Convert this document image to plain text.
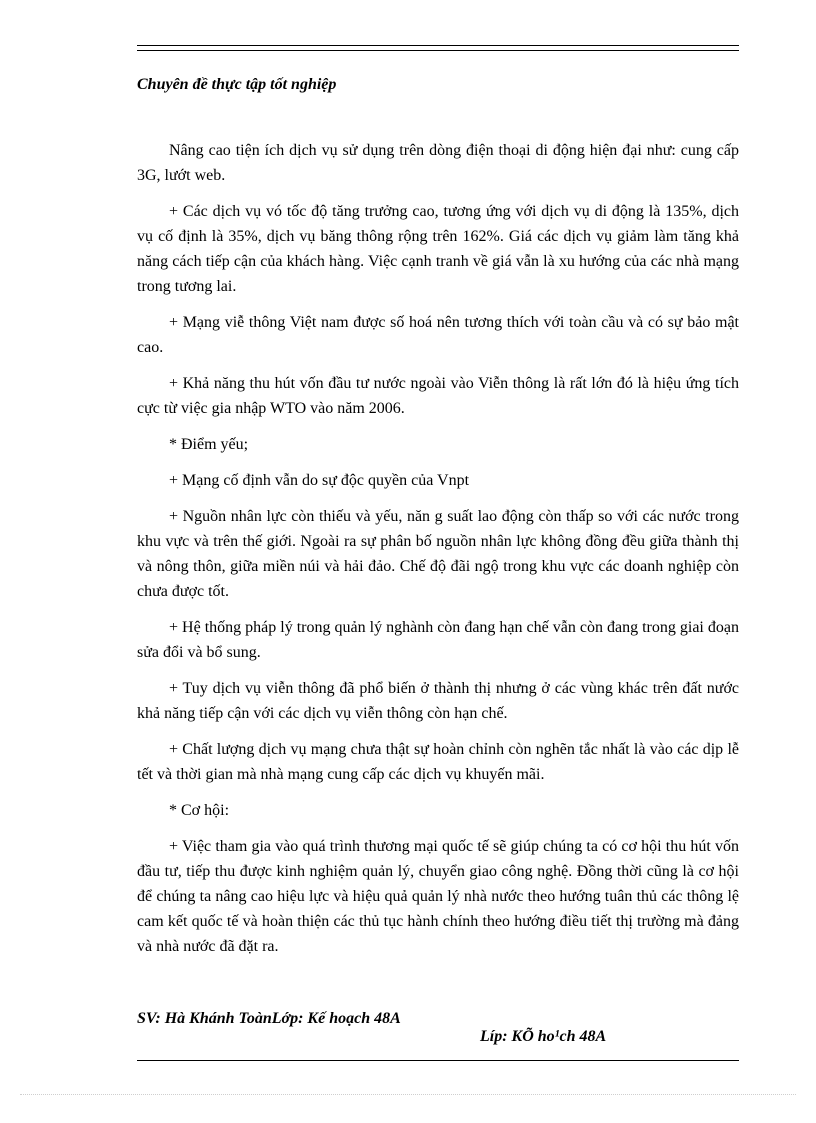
Chuyên đề thực tập tốt nghiệp

Nâng cao tiện ích dịch vụ sử dụng trên dòng điện thoại di động hiện đại như: cung cấp 3G, lướt web.

+ Các dịch vụ vó tốc độ tăng trưởng cao, tương ứng với dịch vụ di động là 135%, dịch vụ cố định là 35%, dịch vụ băng thông rộng trên 162%. Giá các dịch vụ giảm làm tăng khả năng cách tiếp cận của khách hàng. Việc cạnh tranh về giá vẫn là xu hướng của các nhà mạng trong tương lai.

+ Mạng viễ thông Việt nam được số hoá nên tương thích với toàn cầu và có sự bảo mật cao.

+ Khả năng thu hút vốn đầu tư nước ngoài vào Viễn thông là rất lớn đó là hiệu ứng tích cực từ việc gia nhập WTO vào năm 2006.

* Điểm yếu;

+ Mạng cố định vẫn do sự độc quyền của Vnpt

+ Nguồn nhân lực còn thiếu và yếu, năn g suất lao động còn thấp so với các nước trong khu vực và trên thế giới. Ngoài ra sự phân bố nguồn nhân lực không đồng đều giữa thành thị và nông thôn, giữa miền núi và hải đảo. Chế độ đãi ngộ trong khu vực các doanh nghiệp còn chưa được tốt.

+ Hệ thống pháp lý trong quản lý nghành còn đang hạn chế vẫn còn đang trong giai đoạn sửa đổi và bổ sung.

+ Tuy dịch vụ viễn thông đã phổ biến ở thành thị nhưng ở các vùng khác trên đất nước khả năng tiếp cận với các dịch vụ viễn thông còn hạn chế.

+ Chất lượng dịch vụ mạng chưa thật sự hoàn chỉnh còn nghẽn tắc nhất là vào các dịp lễ tết và thời gian mà nhà mạng cung cấp các dịch vụ khuyến mãi.

* Cơ hội:

+ Việc tham gia vào quá trình thương mại quốc tế sẽ giúp chúng ta có cơ hội thu hút vốn đầu tư, tiếp thu được kinh nghiệm quản lý, chuyển giao công nghệ. Đồng thời cũng là cơ hội để chúng ta nâng cao hiệu lực và hiệu quả quản lý nhà nước theo hướng tuân thủ các thông lệ cam kết quốc tế và hoàn thiện các thủ tục hành chính theo hướng điều tiết thị trường mà đảng và nhà nước đã đặt ra.

SV: Hà Khánh ToànLớp: Kế hoạch 48A
Líp: KÕ ho¹ch 48A
